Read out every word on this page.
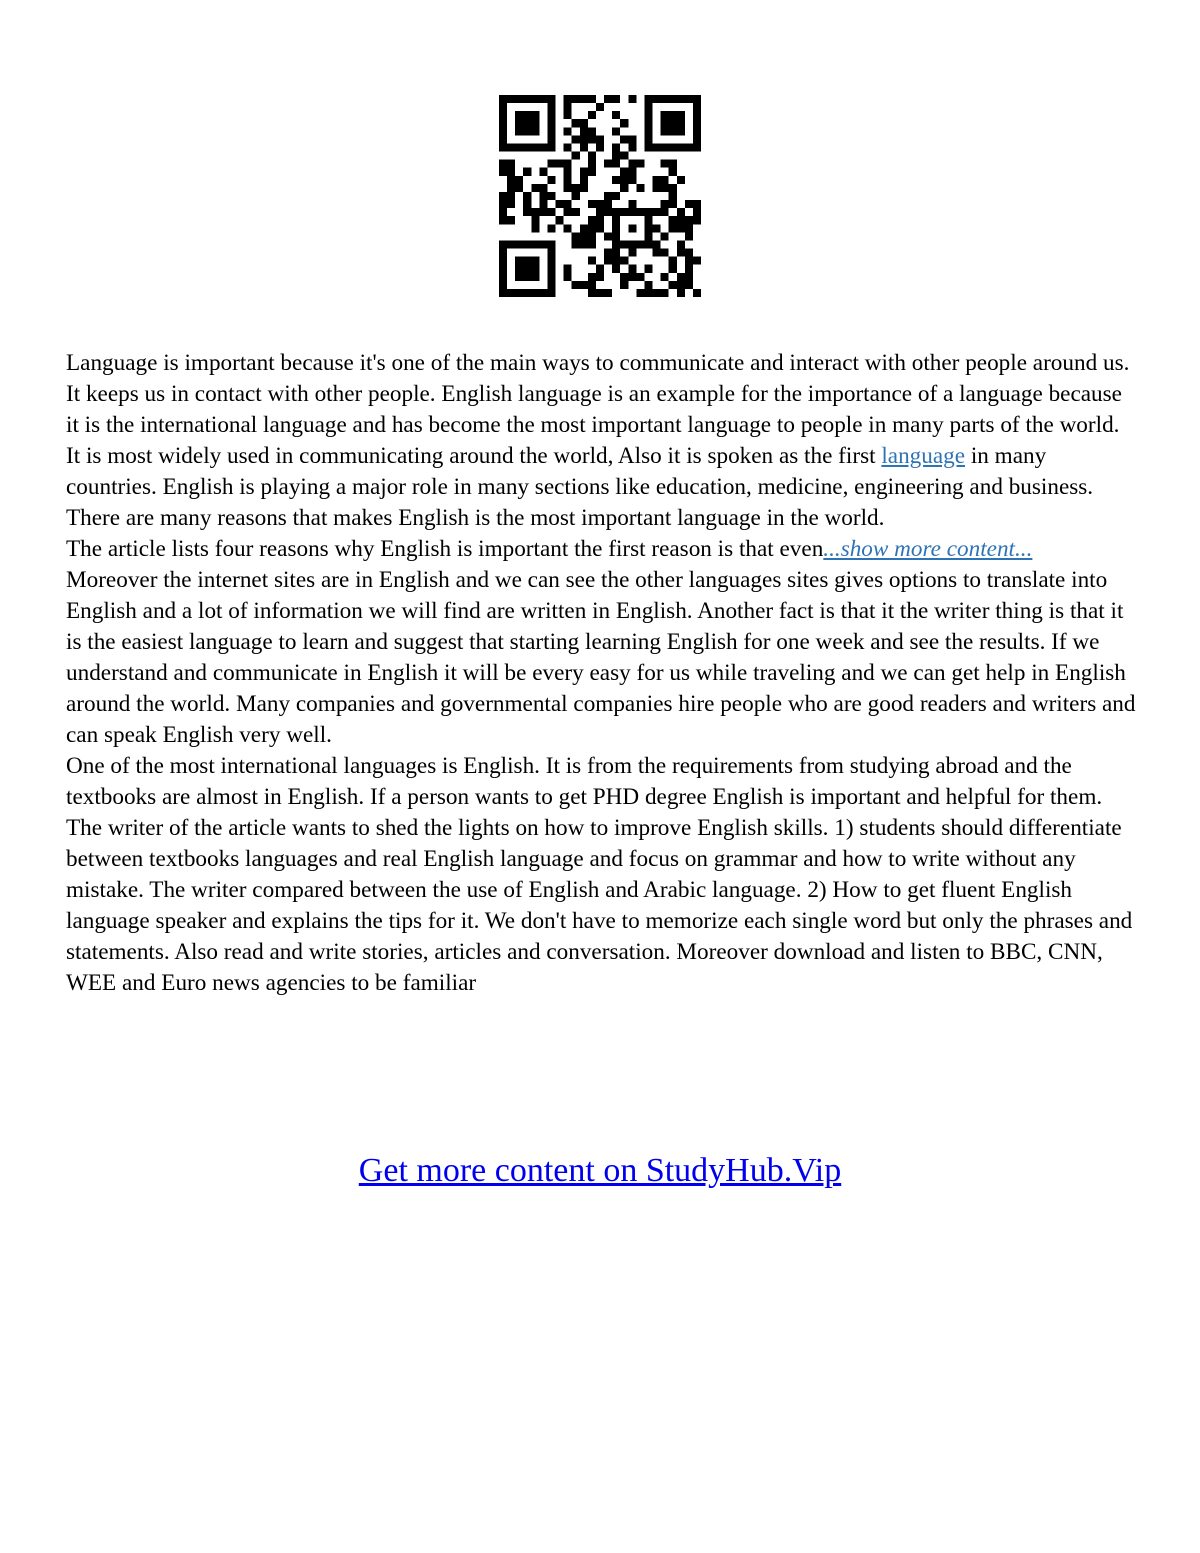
Language is important because it's one of the main ways to communicate and interact with other people around us. It keeps us in contact with other people. English language is an example for the importance of a language because it is the international language and has become the most important language to people in many parts of the world. It is most widely used in communicating around the world, Also it is spoken as the first language in many countries. English is playing a major role in many sections like education, medicine, engineering and business. There are many reasons that makes English is the most important language in the world.

The article lists four reasons why English is important the first reason is that even...show more content...

Moreover the internet sites are in English and we can see the other languages sites gives options to translate into English and a lot of information we will find are written in English. Another fact is that it the writer thing is that it is the easiest language to learn and suggest that starting learning English for one week and see the results. If we understand and communicate in English it will be every easy for us while traveling and we can get help in English around the world. Many companies and governmental companies hire people who are good readers and writers and can speak English very well.

One of the most international languages is English. It is from the requirements from studying abroad and the textbooks are almost in English. If a person wants to get PHD degree English is important and helpful for them. The writer of the article wants to shed the lights on how to improve English skills. 1) students should differentiate between textbooks languages and real English language and focus on grammar and how to write without any mistake. The writer compared between the use of English and Arabic language. 2) How to get fluent English language speaker and explains the tips for it. We don't have to memorize each single word but only the phrases and statements. Also read and write stories, articles and conversation. Moreover download and listen to BBC, CNN, WEE and Euro news agencies to be familiar

Get more content on StudyHub.Vip
